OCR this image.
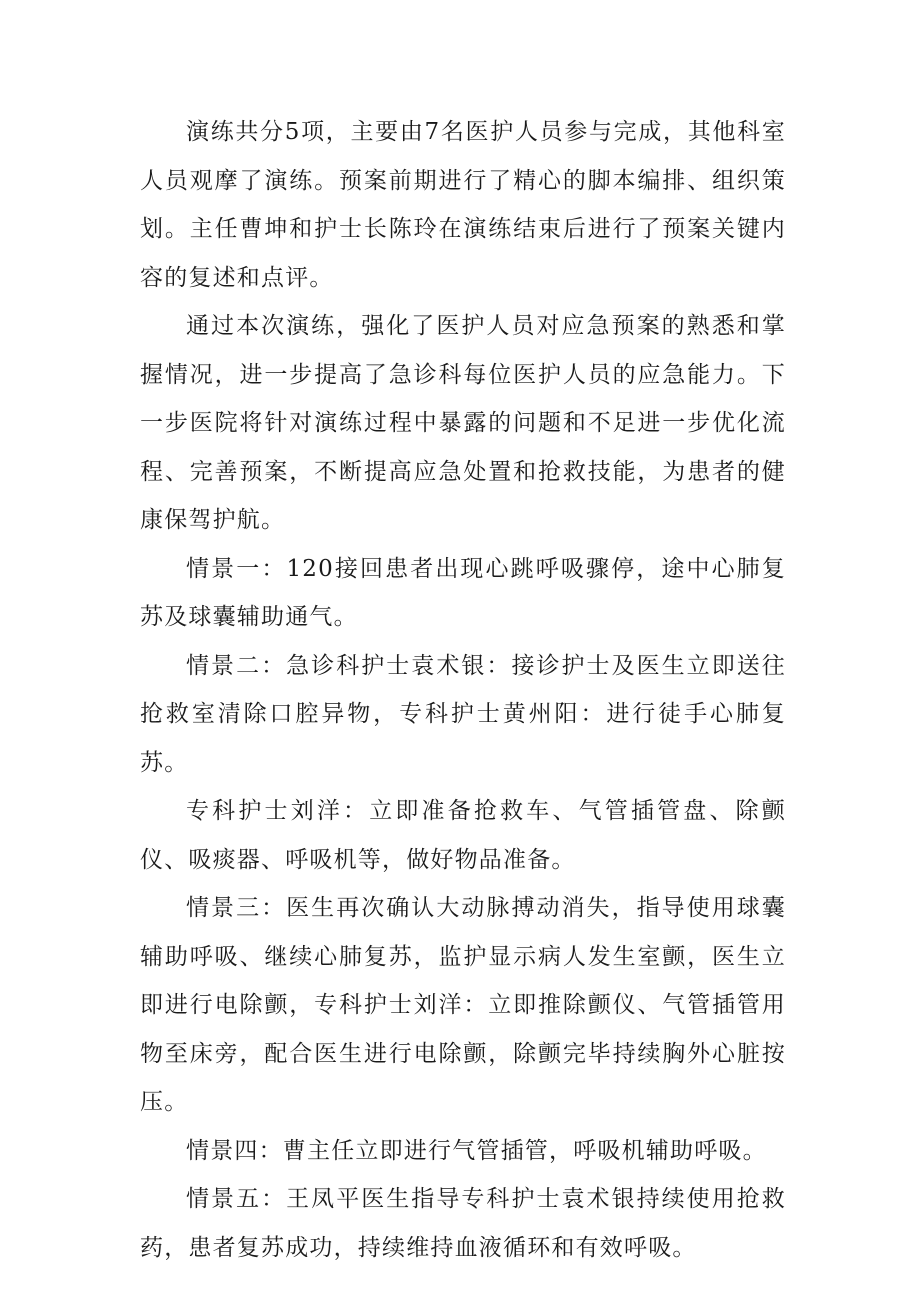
演练共分5项，主要由7名医护人员参与完成，其他科室人员观摩了演练。预案前期进行了精心的脚本编排、组织策划。主任曹坤和护士长陈玲在演练结束后进行了预案关键内容的复述和点评。

通过本次演练，强化了医护人员对应急预案的熟悉和掌握情况，进一步提高了急诊科每位医护人员的应急能力。下一步医院将针对演练过程中暴露的问题和不足进一步优化流程、完善预案，不断提高应急处置和抢救技能，为患者的健康保驾护航。

情景一：120接回患者出现心跳呼吸骤停，途中心肺复苏及球囊辅助通气。

情景二：急诊科护士袁术银：接诊护士及医生立即送往抢救室清除口腔异物，专科护士黄州阳：进行徒手心肺复苏。

专科护士刘洋：立即准备抢救车、气管插管盘、除颤仪、吸痰器、呼吸机等，做好物品准备。

情景三：医生再次确认大动脉搏动消失，指导使用球囊辅助呼吸、继续心肺复苏，监护显示病人发生室颤，医生立即进行电除颤，专科护士刘洋：立即推除颤仪、气管插管用物至床旁，配合医生进行电除颤，除颤完毕持续胸外心脏按压。

情景四：曹主任立即进行气管插管，呼吸机辅助呼吸。

情景五：王凤平医生指导专科护士袁术银持续使用抢救药，患者复苏成功，持续维持血液循环和有效呼吸。
